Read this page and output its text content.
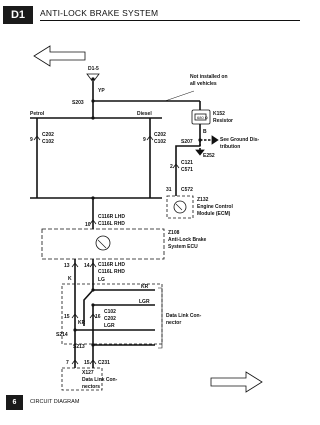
D1	ANTI-LOCK BRAKE SYSTEM
D1-5
YP
S203
Not installed on
all vehicles
Petrol	Diesel
9
C202
C102	9
C202
C102
680 Ω
K152
Resistor
B
S207	See Ground Dis-
tribution
E252
2
C121
C571
31 C572
Z132
Engine Control
Module (ECM)
10
C116R LHD
C116L RHD
Z108
Anti-Lock Brake
System ECU
13	14 C116R LHD
C116L RHD
K	LG
KR
LGR
C102
C202
15	16
KR	LGR
S214
S213
Data Link Con-
nector
7	15 C231
X127
Data Link Con-
nectors
6	CIRCUIT DIAGRAM
